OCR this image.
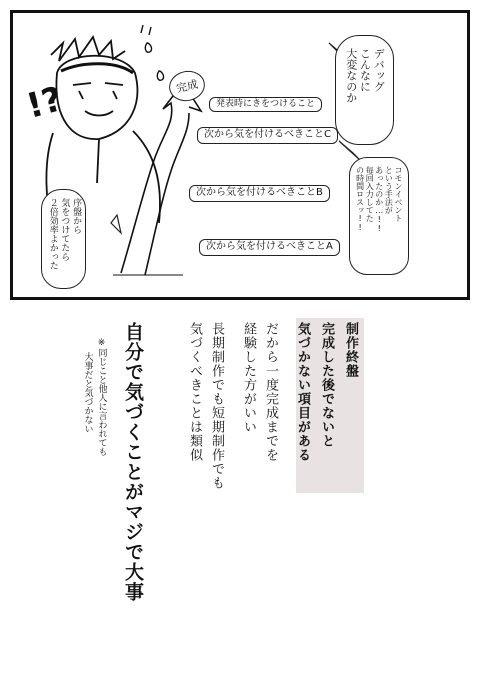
!?	完成
発表時にきをつけること
次から気を付けるべきことC
次から気を付けるべきことB
次から気を付けるべきことA
デバッグ
こんなに
大変なのか
コモンイベント
という手法が
あったのか…!!
毎回入力してた
の時間ロスッ!!
序盤から
気をつけてたら
２倍効率よかった
制作終盤
完成した後でないと
気づかない項目がある
だから一度完成までを
経験した方がいい
長期制作でも短期制作でも
気づくべきことは類似
自分で気づくことがマジで大事
※同じこと他人に言われても
大事だと気づかない
